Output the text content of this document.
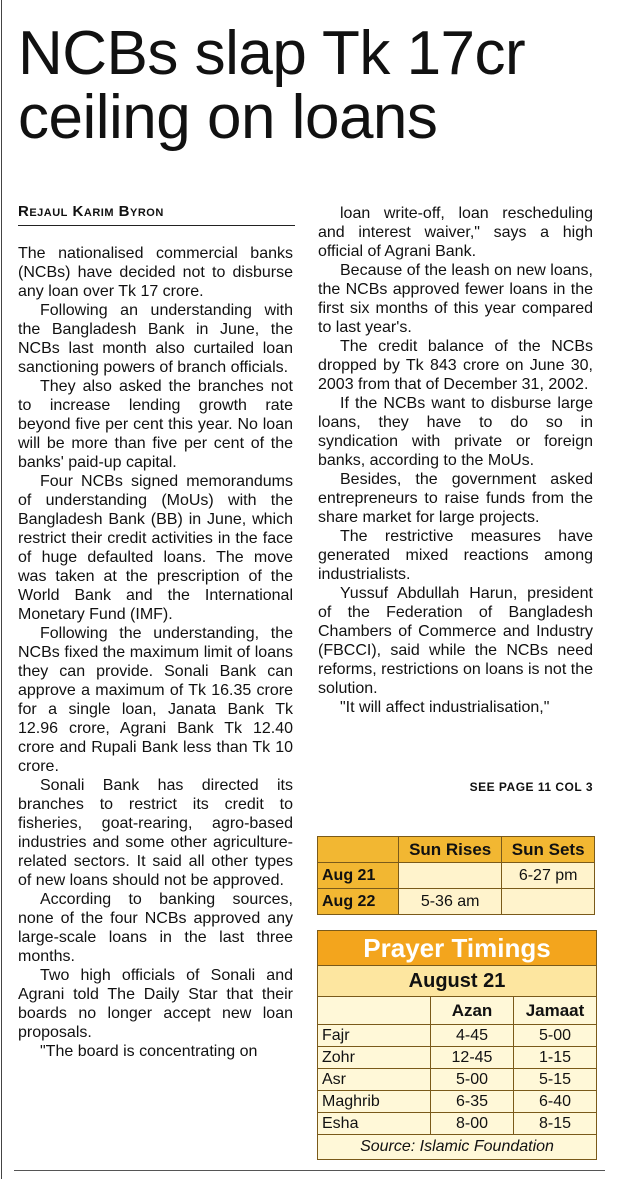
NCBs slap Tk 17cr
ceiling on loans
Rejaul Karim Byron

The nationalised commercial banks (NCBs) have decided not to disburse any loan over Tk 17 crore.

Following an understanding with the Bangladesh Bank in June, the NCBs last month also curtailed loan sanctioning powers of branch officials.

They also asked the branches not to increase lending growth rate beyond five per cent this year. No loan will be more than five per cent of the banks' paid-up capital.

Four NCBs signed memorandums of understanding (MoUs) with the Bangladesh Bank (BB) in June, which restrict their credit activities in the face of huge defaulted loans. The move was taken at the prescription of the World Bank and the International Monetary Fund (IMF).

Following the understanding, the NCBs fixed the maximum limit of loans they can provide. Sonali Bank can approve a maximum of Tk 16.35 crore for a single loan, Janata Bank Tk 12.96 crore, Agrani Bank Tk 12.40 crore and Rupali Bank less than Tk 10 crore.

Sonali Bank has directed its branches to restrict its credit to fisheries, goat-rearing, agro-based industries and some other agriculture-related sectors. It said all other types of new loans should not be approved.

According to banking sources, none of the four NCBs approved any large-scale loans in the last three months.

Two high officials of Sonali and Agrani told The Daily Star that their boards no longer accept new loan proposals.

"The board is concentrating on

loan write-off, loan rescheduling and interest waiver," says a high official of Agrani Bank.

Because of the leash on new loans, the NCBs approved fewer loans in the first six months of this year compared to last year's.

The credit balance of the NCBs dropped by Tk 843 crore on June 30, 2003 from that of December 31, 2002.

If the NCBs want to disburse large loans, they have to do so in syndication with private or foreign banks, according to the MoUs.

Besides, the government asked entrepreneurs to raise funds from the share market for large projects.

The restrictive measures have generated mixed reactions among industrialists.

Yussuf Abdullah Harun, president of the Federation of Bangladesh Chambers of Commerce and Industry (FBCCI), said while the NCBs need reforms, restrictions on loans is not the solution.

"It will affect industrialisation,"

SEE PAGE 11 COL 3
	Sun Rises	Sun Sets
Aug 21		6-27 pm
Aug 22	5-36 am	
Prayer Timings
August 21
	Azan	Jamaat
Fajr	4-45	5-00
Zohr	12-45	1-15
Asr	5-00	5-15
Maghrib	6-35	6-40
Esha	8-00	8-15
Source: Islamic Foundation
